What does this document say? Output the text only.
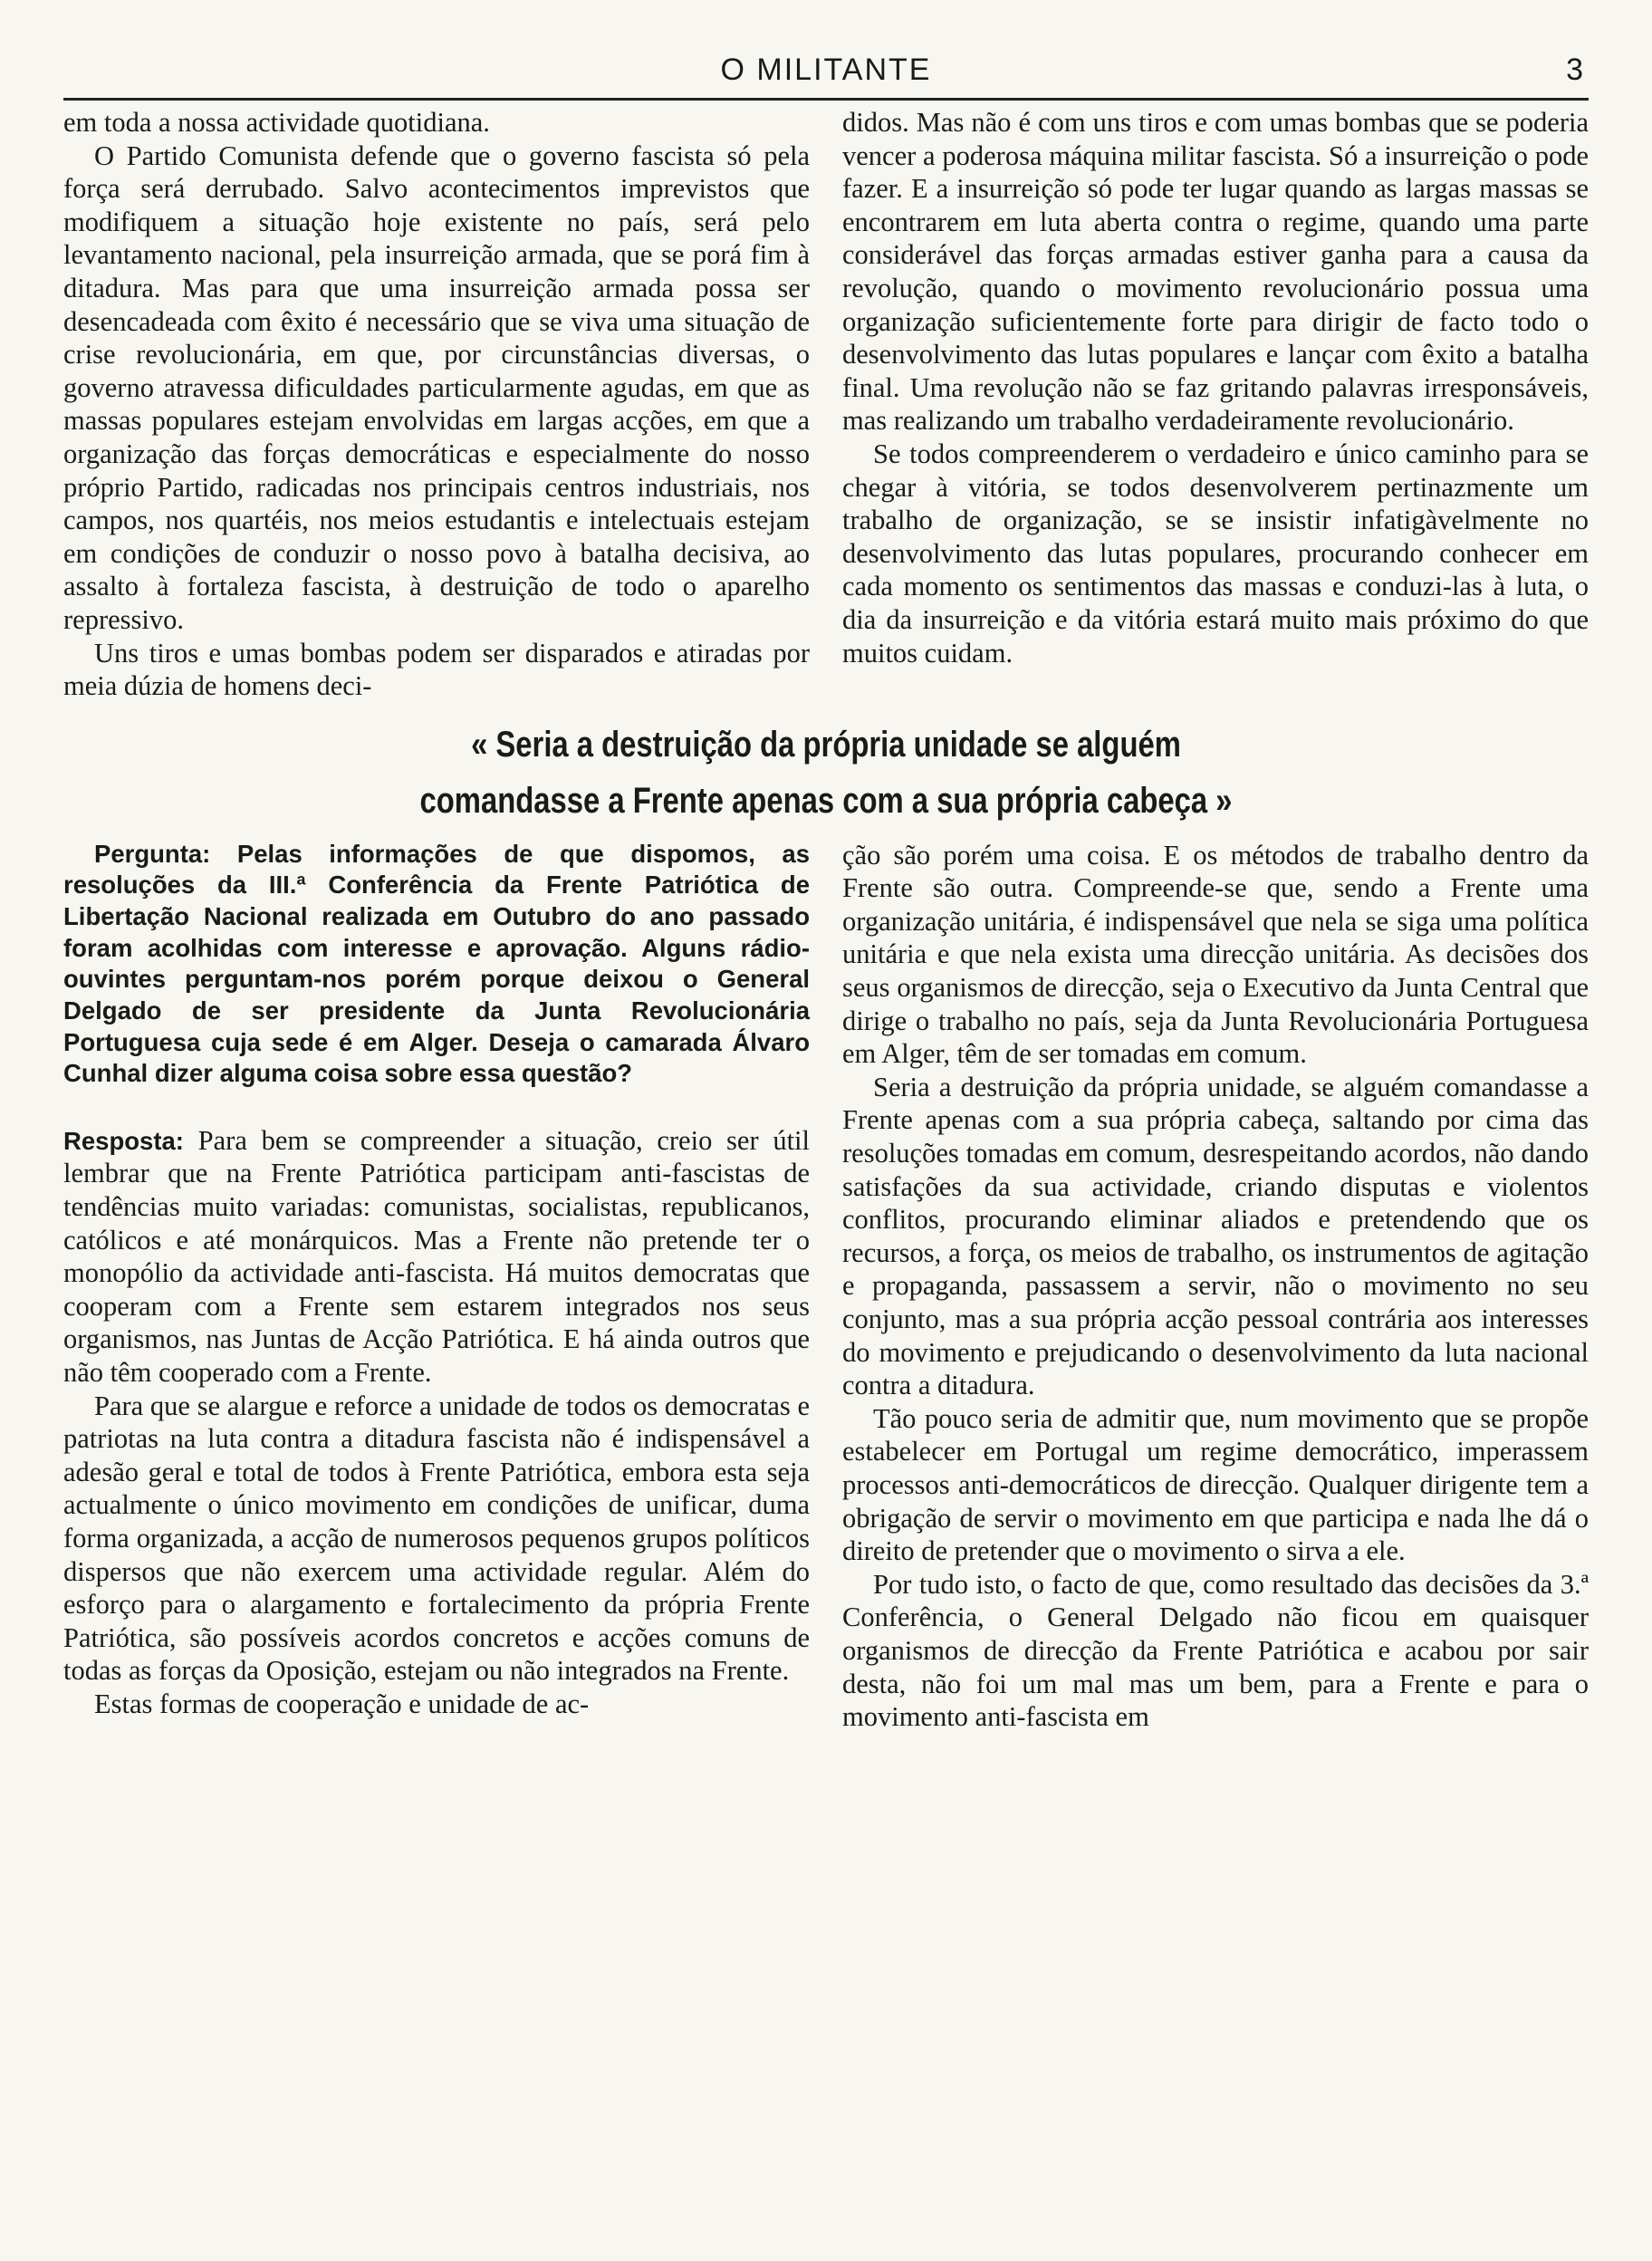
O MILITANTE	3

em toda a nossa actividade quotidiana.

O Partido Comunista defende que o governo fascista só pela força será derrubado. Salvo acontecimentos imprevistos que modifiquem a situação hoje existente no país, será pelo levantamento nacional, pela insurreição armada, que se porá fim à ditadura. Mas para que uma insurreição armada possa ser desencadeada com êxito é necessário que se viva uma situação de crise revolucionária, em que, por circunstâncias diversas, o governo atravessa dificuldades particularmente agudas, em que as massas populares estejam envolvidas em largas acções, em que a organização das forças democráticas e especialmente do nosso próprio Partido, radicadas nos principais centros industriais, nos campos, nos quartéis, nos meios estudantis e intelectuais estejam em condições de conduzir o nosso povo à batalha decisiva, ao assalto à fortaleza fascista, à destruição de todo o aparelho repressivo.

Uns tiros e umas bombas podem ser disparados e atiradas por meia dúzia de homens deci-

didos. Mas não é com uns tiros e com umas bombas que se poderia vencer a poderosa máquina militar fascista. Só a insurreição o pode fazer. E a insurreição só pode ter lugar quando as largas massas se encontrarem em luta aberta contra o regime, quando uma parte considerável das forças armadas estiver ganha para a causa da revolução, quando o movimento revolucionário possua uma organização suficientemente forte para dirigir de facto todo o desenvolvimento das lutas populares e lançar com êxito a batalha final. Uma revolução não se faz gritando palavras irresponsáveis, mas realizando um trabalho verdadeiramente revolucionário.

Se todos compreenderem o verdadeiro e único caminho para se chegar à vitória, se todos desenvolverem pertinazmente um trabalho de organização, se se insistir infatigàvelmente no desenvolvimento das lutas populares, procurando conhecer em cada momento os sentimentos das massas e conduzi-las à luta, o dia da insurreição e da vitória estará muito mais próximo do que muitos cuidam.

« Seria a destruição da própria unidade se alguém
comandasse a Frente apenas com a sua própria cabeça »

Pergunta: Pelas informações de que dispomos, as resoluções da III.ª Conferência da Frente Patriótica de Libertação Nacional realizada em Outubro do ano passado foram acolhidas com interesse e aprovação. Alguns rádio-ouvintes perguntam-nos porém porque deixou o General Delgado de ser presidente da Junta Revolucionária Portuguesa cuja sede é em Alger. Deseja o camarada Álvaro Cunhal dizer alguma coisa sobre essa questão?

Resposta: Para bem se compreender a situação, creio ser útil lembrar que na Frente Patriótica participam anti-fascistas de tendências muito variadas: comunistas, socialistas, republicanos, católicos e até monárquicos. Mas a Frente não pretende ter o monopólio da actividade anti-fascista. Há muitos democratas que cooperam com a Frente sem estarem integrados nos seus organismos, nas Juntas de Acção Patriótica. E há ainda outros que não têm cooperado com a Frente.

Para que se alargue e reforce a unidade de todos os democratas e patriotas na luta contra a ditadura fascista não é indispensável a adesão geral e total de todos à Frente Patriótica, embora esta seja actualmente o único movimento em condições de unificar, duma forma organizada, a acção de numerosos pequenos grupos políticos dispersos que não exercem uma actividade regular. Além do esforço para o alargamento e fortalecimento da própria Frente Patriótica, são possíveis acordos concretos e acções comuns de todas as forças da Oposição, estejam ou não integrados na Frente.

Estas formas de cooperação e unidade de ac-

ção são porém uma coisa. E os métodos de trabalho dentro da Frente são outra. Compreende-se que, sendo a Frente uma organização unitária, é indispensável que nela se siga uma política unitária e que nela exista uma direcção unitária. As decisões dos seus organismos de direcção, seja o Executivo da Junta Central que dirige o trabalho no país, seja da Junta Revolucionária Portuguesa em Alger, têm de ser tomadas em comum.

Seria a destruição da própria unidade, se alguém comandasse a Frente apenas com a sua própria cabeça, saltando por cima das resoluções tomadas em comum, desrespeitando acordos, não dando satisfações da sua actividade, criando disputas e violentos conflitos, procurando eliminar aliados e pretendendo que os recursos, a força, os meios de trabalho, os instrumentos de agitação e propaganda, passassem a servir, não o movimento no seu conjunto, mas a sua própria acção pessoal contrária aos interesses do movimento e prejudicando o desenvolvimento da luta nacional contra a ditadura.

Tão pouco seria de admitir que, num movimento que se propõe estabelecer em Portugal um regime democrático, imperassem processos anti-democráticos de direcção. Qualquer dirigente tem a obrigação de servir o movimento em que participa e nada lhe dá o direito de pretender que o movimento o sirva a ele.

Por tudo isto, o facto de que, como resultado das decisões da 3.ª Conferência, o General Delgado não ficou em quaisquer organismos de direcção da Frente Patriótica e acabou por sair desta, não foi um mal mas um bem, para a Frente e para o movimento anti-fascista em
